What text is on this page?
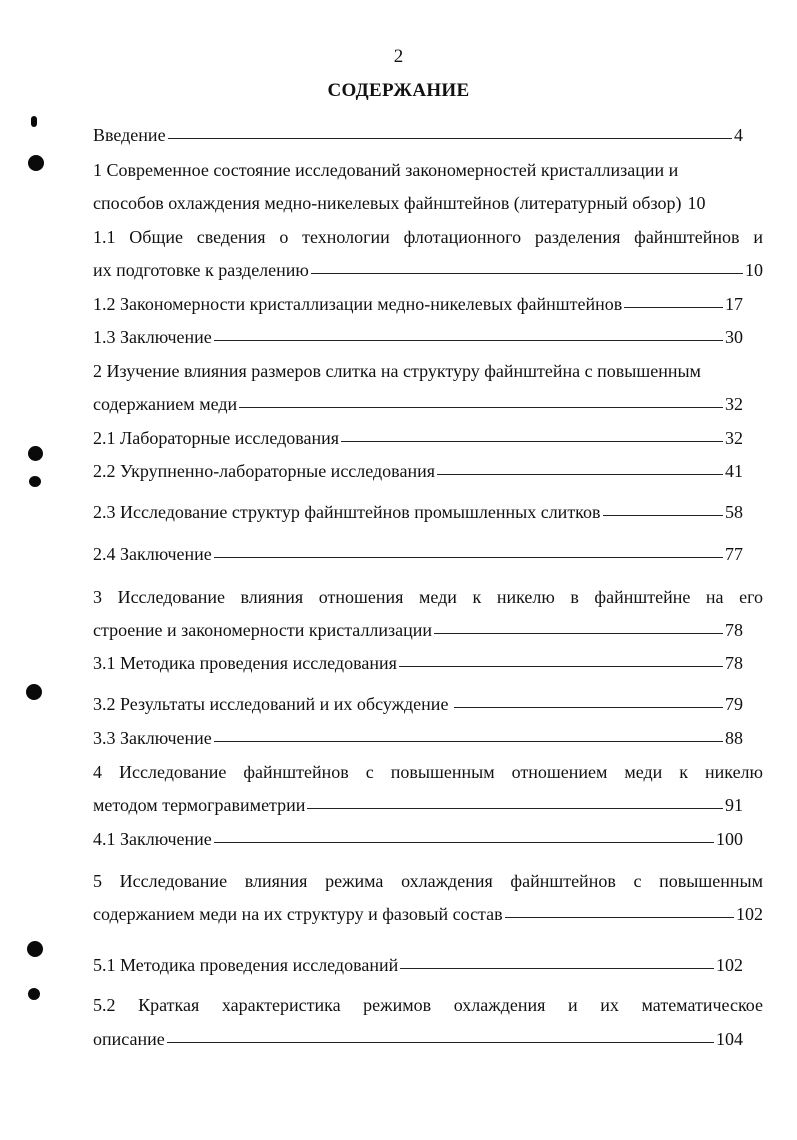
2
СОДЕРЖАНИЕ
Введение	4
1 Современное состояние исследований закономерностей кристаллизации и
способов охлаждения медно-никелевых файнштейнов (литературный обзор) 10
1.1 Общие сведения о технологии флотационного разделения файнштейнов и
их подготовке к разделению	10
1.2 Закономерности кристаллизации медно-никелевых файнштейнов	17
1.3 Заключение	30
2 Изучение влияния размеров слитка на структуру файнштейна с повышенным
содержанием меди	32
2.1 Лабораторные исследования	32
2.2 Укрупненно-лабораторные исследования	41
2.3 Исследование структур файнштейнов промышленных слитков	58
2.4 Заключение	77
3 Исследование влияния отношения меди к никелю в файнштейне на его
строение и закономерности кристаллизации	78
3.1 Методика проведения исследования	78
3.2 Результаты исследований и их обсуждение	79
3.3 Заключение	88
4 Исследование файнштейнов с повышенным отношением меди к никелю
методом термогравиметрии	91
4.1 Заключение	100
5 Исследование влияния режима охлаждения файнштейнов с повышенным
содержанием меди на их структуру и фазовый состав	102
5.1 Методика проведения исследований	102
5.2 Краткая характеристика режимов охлаждения и их математическое
описание	104
